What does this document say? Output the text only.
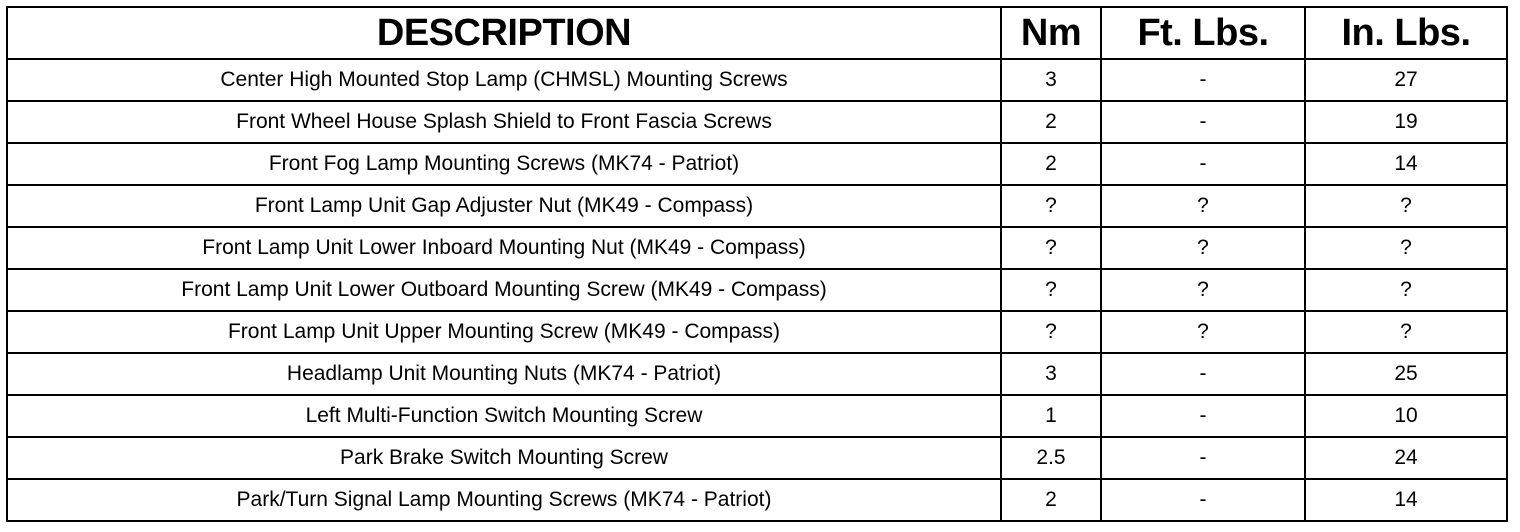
DESCRIPTION	Nm	Ft. Lbs.	In. Lbs.
Center High Mounted Stop Lamp (CHMSL) Mounting Screws	3	-	27
Front Wheel House Splash Shield to Front Fascia Screws	2	-	19
Front Fog Lamp Mounting Screws (MK74 - Patriot)	2	-	14
Front Lamp Unit Gap Adjuster Nut (MK49 - Compass)	?	?	?
Front Lamp Unit Lower Inboard Mounting Nut (MK49 - Compass)	?	?	?
Front Lamp Unit Lower Outboard Mounting Screw (MK49 - Compass)	?	?	?
Front Lamp Unit Upper Mounting Screw (MK49 - Compass)	?	?	?
Headlamp Unit Mounting Nuts (MK74 - Patriot)	3	-	25
Left Multi-Function Switch Mounting Screw	1	-	10
Park Brake Switch Mounting Screw	2.5	-	24
Park/Turn Signal Lamp Mounting Screws (MK74 - Patriot)	2	-	14
